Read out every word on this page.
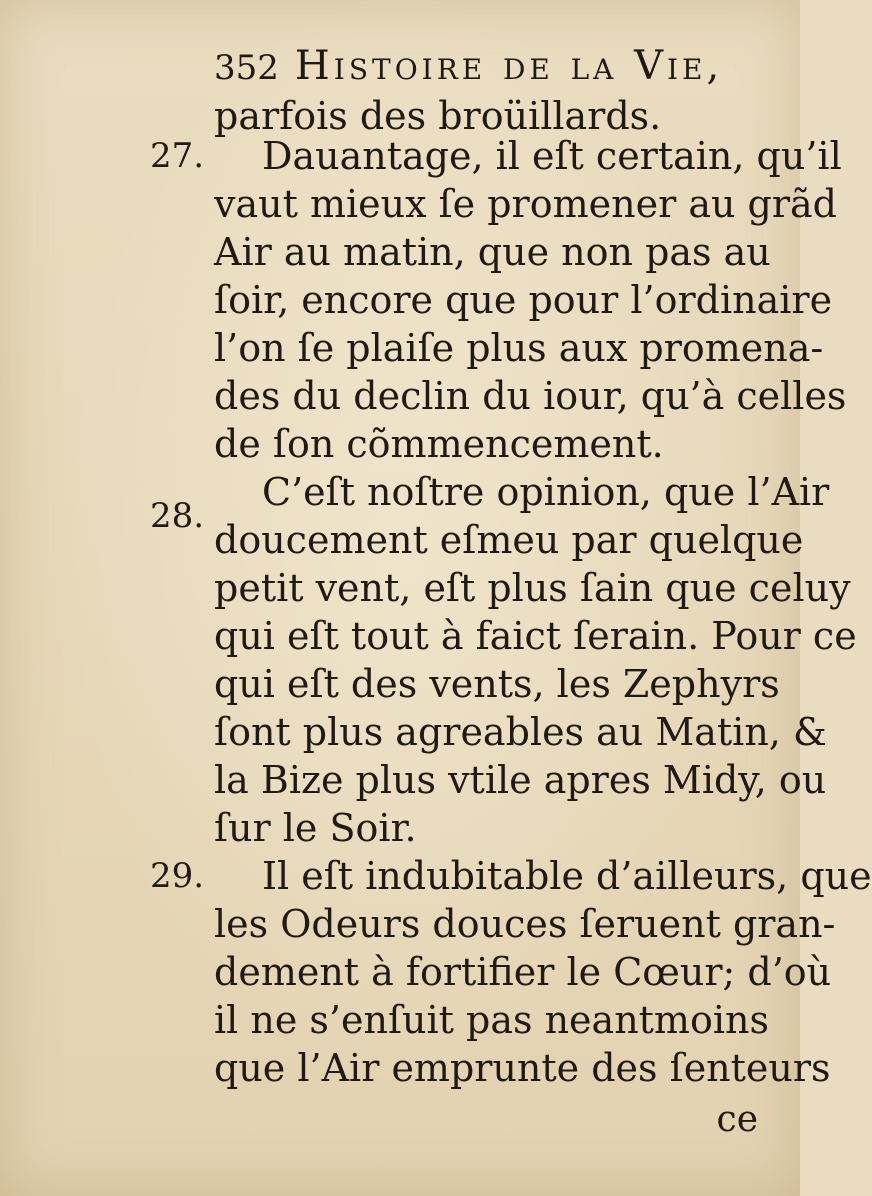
352 Histoire de la Vie,
27.
28.
29.
parfois des broüillards.
Dauantage, il eſt certain, qu’il
vaut mieux ſe promener au grãd
Air au matin, que non pas au
ſoir, encore que pour l’ordinaire
l’on ſe plaiſe plus aux promena-
des du declin du iour, qu’à celles
de ſon cõmmencement.
C’eſt noſtre opinion, que l’Air
doucement eſmeu par quelque
petit vent, eſt plus ſain que celuy
qui eſt tout à faict ſerain. Pour ce
qui eſt des vents, les Zephyrs
ſont plus agreables au Matin, &
la Bize plus vtile apres Midy, ou
ſur le Soir.
Il eſt indubitable d’ailleurs, que
les Odeurs douces ſeruent gran-
dement à fortifier le Cœur; d’où
il ne s’enſuit pas neantmoins
que l’Air emprunte des ſenteurs
ce
